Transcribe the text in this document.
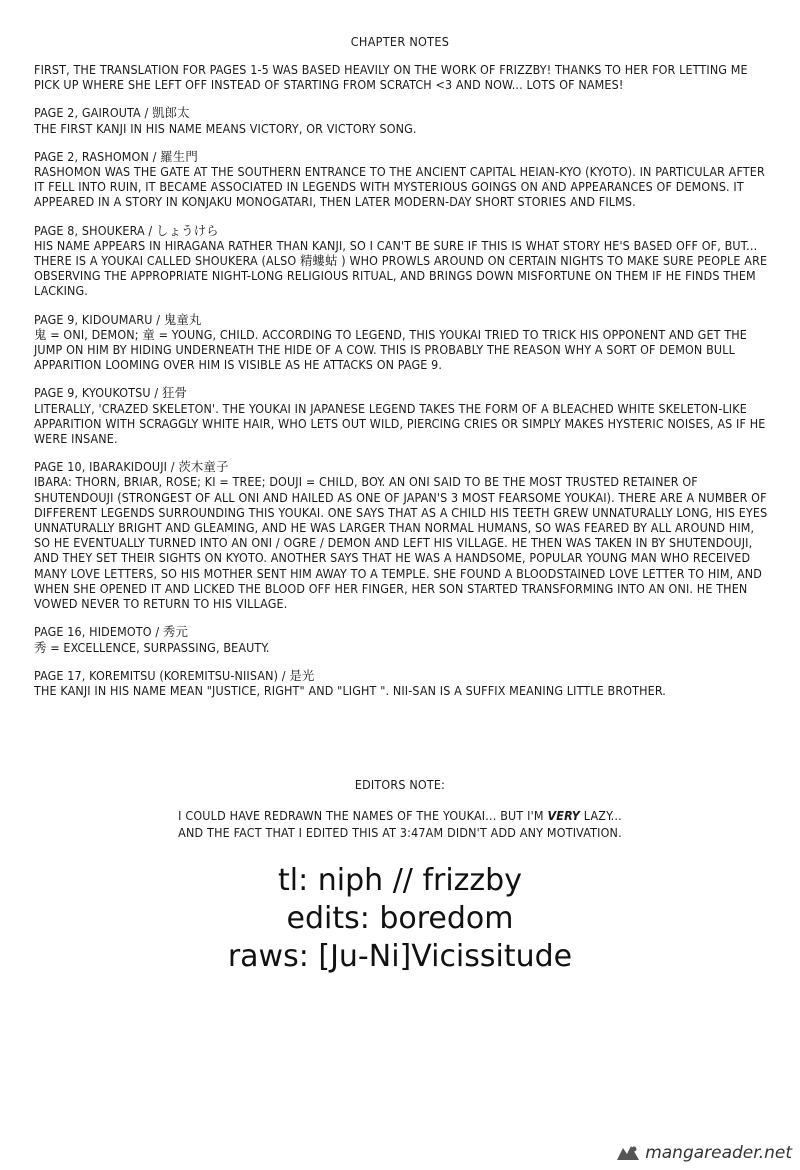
CHAPTER NOTES
FIRST, THE TRANSLATION FOR PAGES 1-5 WAS BASED HEAVILY ON THE WORK OF FRIZZBY! THANKS TO HER FOR LETTING ME PICK UP WHERE SHE LEFT OFF INSTEAD OF STARTING FROM SCRATCH <3 AND NOW... LOTS OF NAMES!
PAGE 2, GAIROUTA / 凱郎太
THE FIRST KANJI IN HIS NAME MEANS VICTORY, OR VICTORY SONG.
PAGE 2, RASHOMON / 羅生門
RASHOMON WAS THE GATE AT THE SOUTHERN ENTRANCE TO THE ANCIENT CAPITAL HEIAN-KYO (KYOTO). IN PARTICULAR AFTER IT FELL INTO RUIN, IT BECAME ASSOCIATED IN LEGENDS WITH MYSTERIOUS GOINGS ON AND APPEARANCES OF DEMONS. IT APPEARED IN A STORY IN KONJAKU MONOGATARI, THEN LATER MODERN-DAY SHORT STORIES AND FILMS.
PAGE 8, SHOUKERA / しょうけら
HIS NAME APPEARS IN HIRAGANA RATHER THAN KANJI, SO I CAN'T BE SURE IF THIS IS WHAT STORY HE'S BASED OFF OF, BUT... THERE IS A YOUKAI CALLED SHOUKERA (ALSO 精螻蛄 ) WHO PROWLS AROUND ON CERTAIN NIGHTS TO MAKE SURE PEOPLE ARE OBSERVING THE APPROPRIATE NIGHT-LONG RELIGIOUS RITUAL, AND BRINGS DOWN MISFORTUNE ON THEM IF HE FINDS THEM LACKING.
PAGE 9, KIDOUMARU / 鬼童丸
鬼 = ONI, DEMON; 童 = YOUNG, CHILD. ACCORDING TO LEGEND, THIS YOUKAI TRIED TO TRICK HIS OPPONENT AND GET THE JUMP ON HIM BY HIDING UNDERNEATH THE HIDE OF A COW. THIS IS PROBABLY THE REASON WHY A SORT OF DEMON BULL APPARITION LOOMING OVER HIM IS VISIBLE AS HE ATTACKS ON PAGE 9.
PAGE 9, KYOUKOTSU / 狂骨
LITERALLY, 'CRAZED SKELETON'. THE YOUKAI IN JAPANESE LEGEND TAKES THE FORM OF A BLEACHED WHITE SKELETON-LIKE APPARITION WITH SCRAGGLY WHITE HAIR, WHO LETS OUT WILD, PIERCING CRIES OR SIMPLY MAKES HYSTERIC NOISES, AS IF HE WERE INSANE.
PAGE 10, IBARAKIDOUJI / 茨木童子
IBARA: THORN, BRIAR, ROSE; KI = TREE; DOUJI = CHILD, BOY. AN ONI SAID TO BE THE MOST TRUSTED RETAINER OF SHUTENDOUJI (STRONGEST OF ALL ONI AND HAILED AS ONE OF JAPAN'S 3 MOST FEARSOME YOUKAI). THERE ARE A NUMBER OF DIFFERENT LEGENDS SURROUNDING THIS YOUKAI. ONE SAYS THAT AS A CHILD HIS TEETH GREW UNNATURALLY LONG, HIS EYES UNNATURALLY BRIGHT AND GLEAMING, AND HE WAS LARGER THAN NORMAL HUMANS, SO WAS FEARED BY ALL AROUND HIM, SO HE EVENTUALLY TURNED INTO AN ONI / OGRE / DEMON AND LEFT HIS VILLAGE. HE THEN WAS TAKEN IN BY SHUTENDOUJI, AND THEY SET THEIR SIGHTS ON KYOTO. ANOTHER SAYS THAT HE WAS A HANDSOME, POPULAR YOUNG MAN WHO RECEIVED MANY LOVE LETTERS, SO HIS MOTHER SENT HIM AWAY TO A TEMPLE. SHE FOUND A BLOODSTAINED LOVE LETTER TO HIM, AND WHEN SHE OPENED IT AND LICKED THE BLOOD OFF HER FINGER, HER SON STARTED TRANSFORMING INTO AN ONI. HE THEN VOWED NEVER TO RETURN TO HIS VILLAGE.
PAGE 16, HIDEMOTO / 秀元
秀 = EXCELLENCE, SURPASSING, BEAUTY.
PAGE 17, KOREMITSU (KOREMITSU-NIISAN) / 是光
THE KANJI IN HIS NAME MEAN "JUSTICE, RIGHT" AND "LIGHT ". NII-SAN IS A SUFFIX MEANING LITTLE BROTHER.
EDITORS NOTE:
I COULD HAVE REDRAWN THE NAMES OF THE YOUKAI... BUT I'M VERY LAZY...
AND THE FACT THAT I EDITED THIS AT 3:47AM DIDN'T ADD ANY MOTIVATION.
tl: niph // frizzby
edits: boredom
raws: [Ju-Ni]Vicissitude
mangareader.net
